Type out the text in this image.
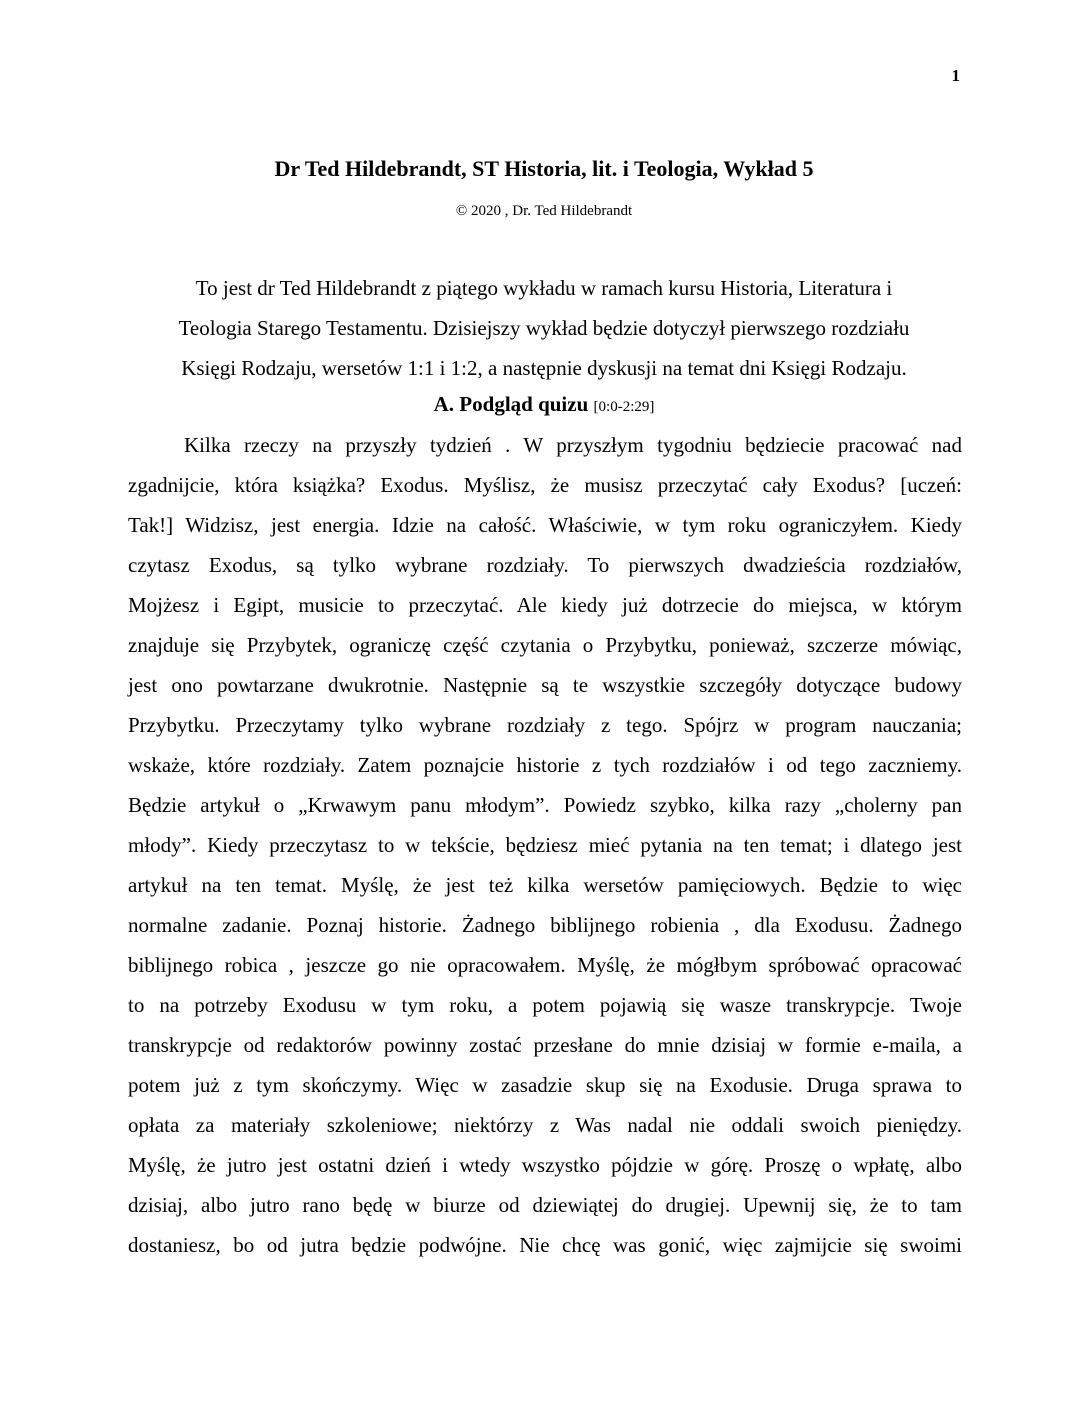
1
Dr Ted Hildebrandt, ST Historia, lit. i Teologia, Wykład 5
© 2020 , Dr. Ted Hildebrandt
To jest dr Ted Hildebrandt z piątego wykładu w ramach kursu Historia, Literatura i
Teologia Starego Testamentu. Dzisiejszy wykład będzie dotyczył pierwszego rozdziału
Księgi Rodzaju, wersetów 1:1 i 1:2, a następnie dyskusji na temat dni Księgi Rodzaju.
A. Podgląd quizu [0:0-2:29]
Kilka rzeczy na przyszły tydzień . W przyszłym tygodniu będziecie pracować nad
zgadnijcie, która książka? Exodus. Myślisz, że musisz przeczytać cały Exodus? [uczeń:
Tak!] Widzisz, jest energia. Idzie na całość. Właściwie, w tym roku ograniczyłem. Kiedy
czytasz Exodus, są tylko wybrane rozdziały. To pierwszych dwadzieścia rozdziałów,
Mojżesz i Egipt, musicie to przeczytać. Ale kiedy już dotrzecie do miejsca, w którym
znajduje się Przybytek, ograniczę część czytania o Przybytku, ponieważ, szczerze mówiąc,
jest ono powtarzane dwukrotnie. Następnie są te wszystkie szczegóły dotyczące budowy
Przybytku. Przeczytamy tylko wybrane rozdziały z tego. Spójrz w program nauczania;
wskaże, które rozdziały. Zatem poznajcie historie z tych rozdziałów i od tego zaczniemy.
Będzie artykuł o „Krwawym panu młodym”. Powiedz szybko, kilka razy „cholerny pan
młody”. Kiedy przeczytasz to w tekście, będziesz mieć pytania na ten temat; i dlatego jest
artykuł na ten temat. Myślę, że jest też kilka wersetów pamięciowych. Będzie to więc
normalne zadanie. Poznaj historie. Żadnego biblijnego robienia , dla Exodusu. Żadnego
biblijnego robica , jeszcze go nie opracowałem. Myślę, że mógłbym spróbować opracować
to na potrzeby Exodusu w tym roku, a potem pojawią się wasze transkrypcje. Twoje
transkrypcje od redaktorów powinny zostać przesłane do mnie dzisiaj w formie e-maila, a
potem już z tym skończymy. Więc w zasadzie skup się na Exodusie. Druga sprawa to
opłata za materiały szkoleniowe; niektórzy z Was nadal nie oddali swoich pieniędzy.
Myślę, że jutro jest ostatni dzień i wtedy wszystko pójdzie w górę. Proszę o wpłatę, albo
dzisiaj, albo jutro rano będę w biurze od dziewiątej do drugiej. Upewnij się, że to tam
dostaniesz, bo od jutra będzie podwójne. Nie chcę was gonić, więc zajmijcie się swoimi
